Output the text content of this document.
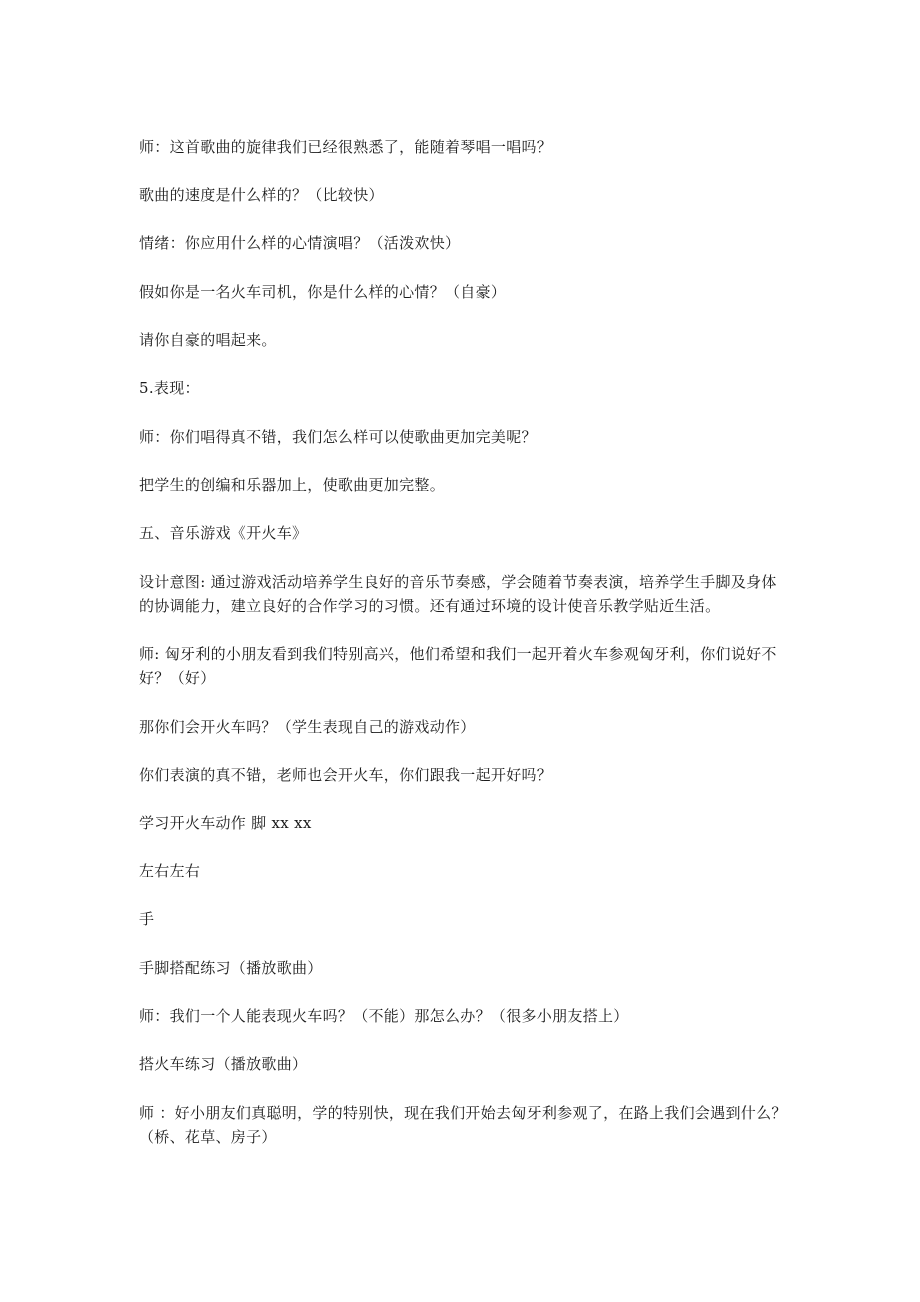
师：这首歌曲的旋律我们已经很熟悉了，能随着琴唱一唱吗？

歌曲的速度是什么样的？（比较快）

情绪：你应用什么样的心情演唱？（活泼欢快）

假如你是一名火车司机，你是什么样的心情？（自豪）

请你自豪的唱起来。

5.表现：

师：你们唱得真不错，我们怎么样可以使歌曲更加完美呢？

把学生的创编和乐器加上，使歌曲更加完整。

五、音乐游戏《开火车》

设计意图: 通过游戏活动培养学生良好的音乐节奏感，学会随着节奏表演，培养学生手脚及身体的协调能力，建立良好的合作学习的习惯。还有通过环境的设计使音乐教学贴近生活。

师: 匈牙利的小朋友看到我们特别高兴，他们希望和我们一起开着火车参观匈牙利，你们说好不好？（好）

那你们会开火车吗？（学生表现自己的游戏动作）

你们表演的真不错，老师也会开火车，你们跟我一起开好吗？

学习开火车动作 脚 xx xx

左右左右

手

手脚搭配练习（播放歌曲）

师：我们一个人能表现火车吗？（不能）那怎么办？（很多小朋友搭上）

搭火车练习（播放歌曲）

师 ：好小朋友们真聪明，学的特别快，现在我们开始去匈牙利参观了，在路上我们会遇到什么？（桥、花草、房子）
